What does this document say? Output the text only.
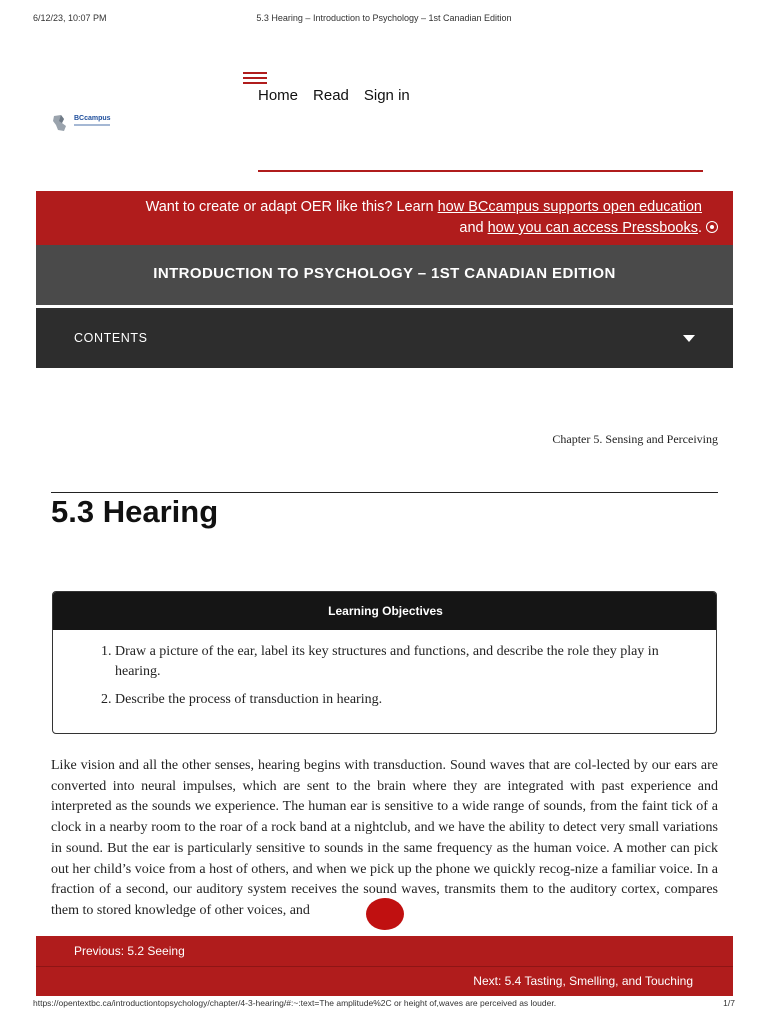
6/12/23, 10:07 PM	5.3 Hearing – Introduction to Psychology – 1st Canadian Edition
Home Read Sign in
BCcampus
Want to create or adapt OER like this? Learn how BCcampus supports open education and how you can access Pressbooks.
INTRODUCTION TO PSYCHOLOGY – 1ST CANADIAN EDITION
CONTENTS
Chapter 5. Sensing and Perceiving
5.3 Hearing
Learning Objectives
1. Draw a picture of the ear, label its key structures and functions, and describe the role they play in hearing.
2. Describe the process of transduction in hearing.

Like vision and all the other senses, hearing begins with transduction. Sound waves that are col-lected by our ears are converted into neural impulses, which are sent to the brain where they are integrated with past experience and interpreted as the sounds we experience. The human ear is sensitive to a wide range of sounds, from the faint tick of a clock in a nearby room to the roar of a rock band at a nightclub, and we have the ability to detect very small variations in sound. But the ear is particularly sensitive to sounds in the same frequency as the human voice. A mother can pick out her child’s voice from a host of others, and when we pick up the phone we quickly recog-nize a familiar voice. In a fraction of a second, our auditory system receives the sound waves, transmits them to the auditory cortex, compares them to stored knowledge of other voices, and

Previous: 5.2 Seeing
Next: 5.4 Tasting, Smelling, and Touching
https://opentextbc.ca/introductiontopsychology/chapter/4-3-hearing/#:~:text=The amplitude%2C or height of,waves are perceived as louder.	1/7
